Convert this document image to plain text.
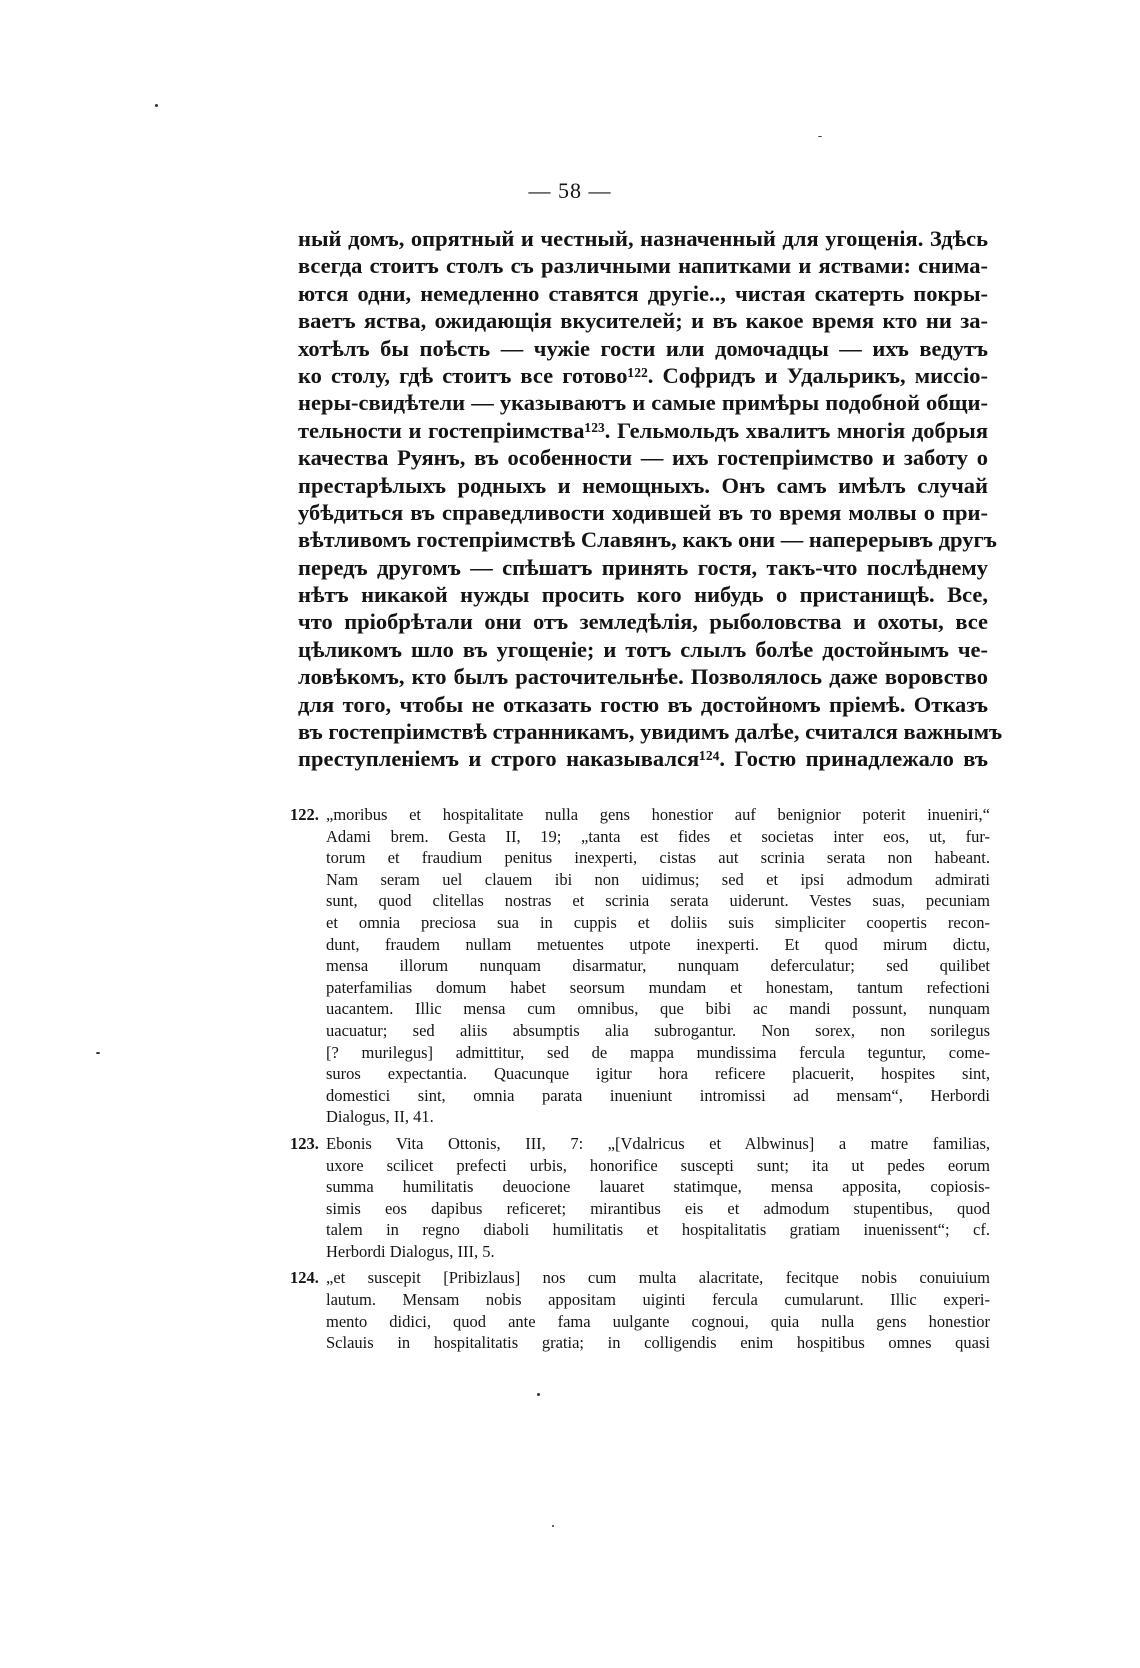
— 58 —
ный домъ, опрятный и честный, назначенный для угощенія. Здѣсь
всегда стоитъ столъ съ различными напитками и яствами: снима-
ются одни, немедленно ставятся другіе.., чистая скатерть покры-
ваетъ яства, ожидающія вкусителей; и въ какое время кто ни за-
хотѣлъ бы поѣсть — чужіе гости или домочадцы — ихъ ведутъ
ко столу, гдѣ стоитъ все готово¹²². Софридъ и Удальрикъ, миссіо-
неры-свидѣтели — указываютъ и самые примѣры подобной общи-
тельности и гостепріимства¹²³. Гельмольдъ хвалитъ многія добрыя
качества Руянъ, въ особенности — ихъ гостепріимство и заботу о
престарѣлыхъ родныхъ и немощныхъ. Онъ самъ имѣлъ случай
убѣдиться въ справедливости ходившей въ то время молвы о при-
вѣтливомъ гостепріимствѣ Славянъ, какъ они — наперерывъ другъ
передъ другомъ — спѣшатъ принять гостя, такъ-что послѣднему
нѣтъ никакой нужды просить кого нибудь о пристанищѣ. Все,
что пріобрѣтали они отъ земледѣлія, рыболовства и охоты, все
цѣликомъ шло въ угощеніе; и тотъ слылъ болѣе достойнымъ че-
ловѣкомъ, кто былъ расточительнѣе. Позволялось даже воровство
для того, чтобы не отказать гостю въ достойномъ пріемѣ. Отказъ
въ гостепріимствѣ странникамъ, увидимъ далѣе, считался важнымъ
преступленіемъ и строго наказывался¹²⁴. Гостю принадлежало въ
122. „moribus et hospitalitate nulla gens honestior auf benignior poterit inueniri,“
Adami brem. Gesta II, 19; „tanta est fides et societas inter eos, ut, fur-
torum et fraudium penitus inexperti, cistas aut scrinia serata non habeant.
Nam seram uel clauem ibi non uidimus; sed et ipsi admodum admirati
sunt, quod clitellas nostras et scrinia serata uiderunt. Vestes suas, pecuniam
et omnia preciosa sua in cuppis et doliis suis simpliciter coopertis recon-
dunt, fraudem nullam metuentes utpote inexperti. Et quod mirum dictu,
mensa illorum nunquam disarmatur, nunquam deferculatur; sed quilibet
paterfamilias domum habet seorsum mundam et honestam, tantum refectioni
uacantem. Illic mensa cum omnibus, que bibi ac mandi possunt, nunquam
uacuatur; sed aliis absumptis alia subrogantur. Non sorex, non sorilegus
[? murilegus] admittitur, sed de mappa mundissima fercula teguntur, come-
suros expectantia. Quacunque igitur hora reficere placuerit, hospites sint,
domestici sint, omnia parata inueniunt intromissi ad mensam“, Herbordi
Dialogus, II, 41.
123. Ebonis Vita Ottonis, III, 7: „[Vdalricus et Albwinus] a matre familias,
uxore scilicet prefecti urbis, honorifice suscepti sunt; ita ut pedes eorum
summa humilitatis deuocione lauaret statimque, mensa apposita, copiosis-
simis eos dapibus reficeret; mirantibus eis et admodum stupentibus, quod
talem in regno diaboli humilitatis et hospitalitatis gratiam inuenissent“; cf.
Herbordi Dialogus, III, 5.
124. „et suscepit [Pribizlaus] nos cum multa alacritate, fecitque nobis conuiuium
lautum. Mensam nobis appositam uiginti fercula cumularunt. Illic experi-
mento didici, quod ante fama uulgante cognoui, quia nulla gens honestior
Sclauis in hospitalitatis gratia; in colligendis enim hospitibus omnes quasi
